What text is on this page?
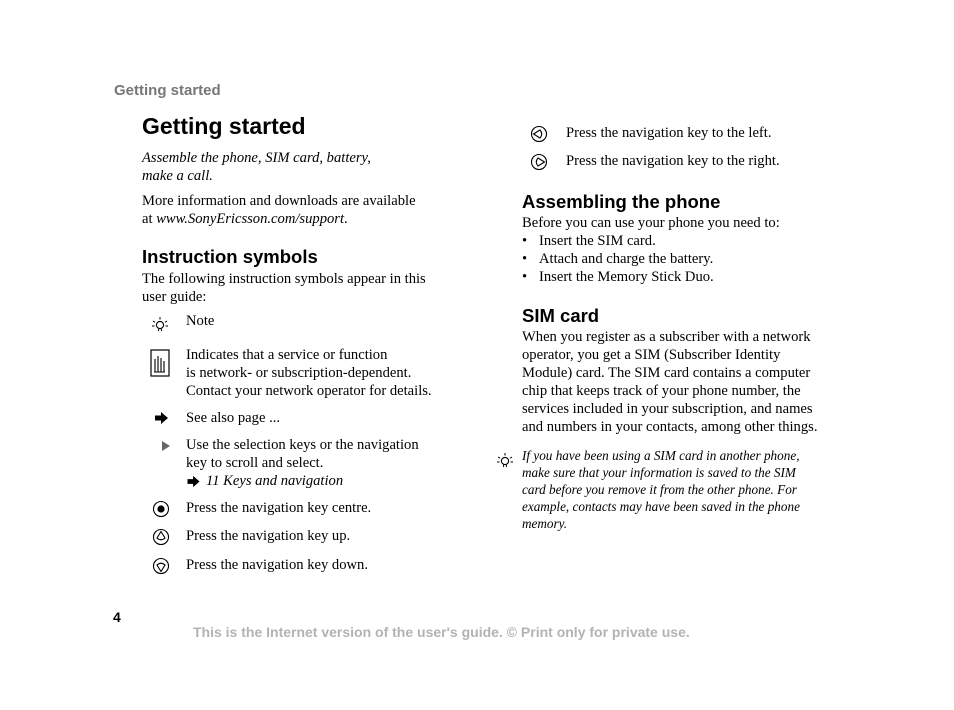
Getting started
Getting started
Assemble the phone, SIM card, battery,
make a call.
More information and downloads are available
at www.SonyEricsson.com/support.
Instruction symbols
The following instruction symbols appear in this
user guide:
Note
Indicates that a service or function
is network- or subscription-dependent.
Contact your network operator for details.
See also page ...
Use the selection keys or the navigation
key to scroll and select.
11 Keys and navigation
Press the navigation key centre.
Press the navigation key up.
Press the navigation key down.
Press the navigation key to the left.
Press the navigation key to the right.
Assembling the phone
Before you can use your phone you need to:
• Insert the SIM card.
• Attach and charge the battery.
• Insert the Memory Stick Duo.
SIM card
When you register as a subscriber with a network
operator, you get a SIM (Subscriber Identity
Module) card. The SIM card contains a computer
chip that keeps track of your phone number, the
services included in your subscription, and names
and numbers in your contacts, among other things.
If you have been using a SIM card in another phone,
make sure that your information is saved to the SIM
card before you remove it from the other phone. For
example, contacts may have been saved in the phone
memory.
4
This is the Internet version of the user's guide. © Print only for private use.
